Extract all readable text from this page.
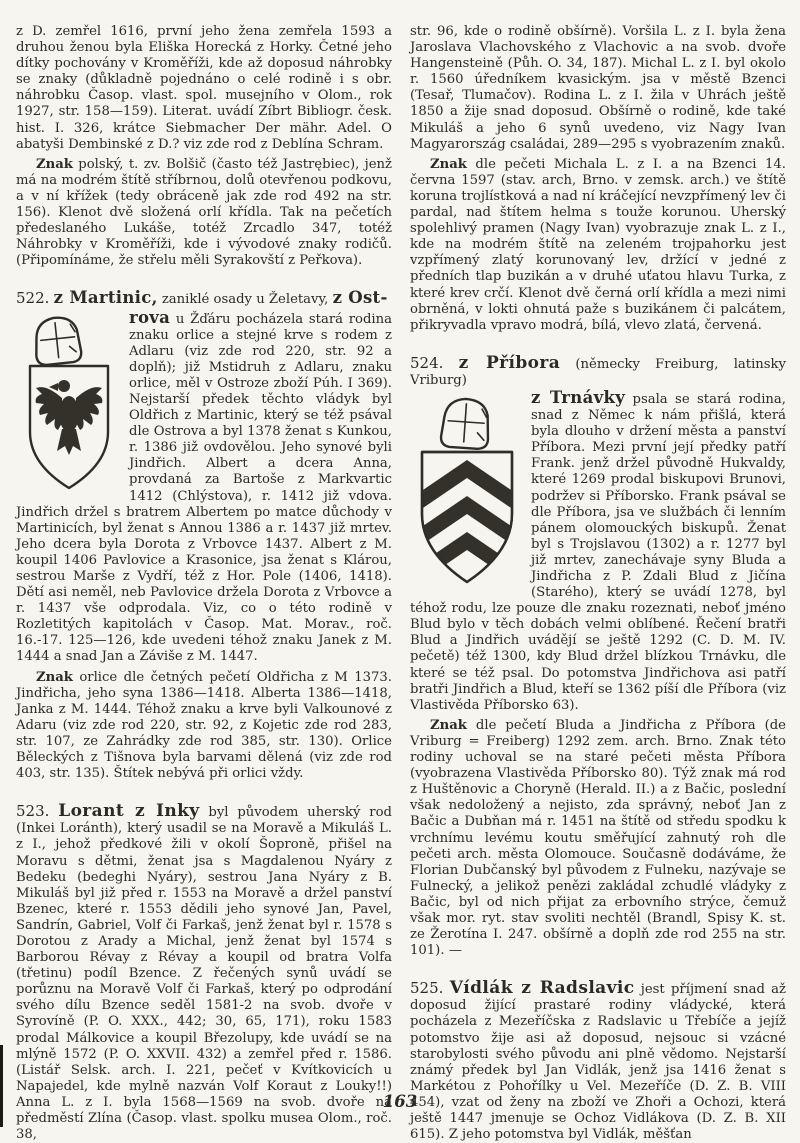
z D. zemřel 1616, první jeho žena zemřela 1593 a druhou ženou byla Eliška Horecká z Horky. Četné jeho dítky pochovány v Kroměříži, kde až doposud náhrobky se znaky (důkladně pojednáno o celé rodině i s obr. náhrobku Časop. vlast. spol. musejního v Olom., rok 1927, str. 158—159). Literat. uvádí Zíbrt Bibliogr. česk. hist. I. 326, krátce Siebmacher Der mähr. Adel. O abatyši Dembinské z D.? viz zde rod z Deblína Schram.

Znak polský, t. zv. Bolšič (často též Jastrębiec), jenž má na modrém štítě stříbrnou, dolů otevřenou podkovu, a v ní křížek (tedy obráceně jak zde rod 492 na str. 156). Klenot dvě složená orlí křídla. Tak na pečetích předeslaného Lukáše, totéž Zrcadlo 347, totéž Náhrobky v Kroměříži, kde i vývodové znaky rodičů. (Připomínáme, že střelu měli Syrakovští z Peřkova).

522. z Martinic, zaniklé osady u Želetavy, z Ost-

rova u Žďáru pocházela stará rodina znaku orlice a stejné krve s rodem z Adlaru (viz zde rod 220, str. 92 a doplň); již Mstidruh z Adlaru, znaku orlice, měl v Ostroze zboží Púh. I 369). Nejstarší předek těchto vládyk byl Oldřich z Martinic, který se též psával dle Ostrova a byl 1378 ženat s Kunkou, r. 1386 již ovdovělou. Jeho synové byli Jindřich. Albert a dcera Anna, provdaná za Bartoše z Markvartic 1412 (Chlýstova), r. 1412 již vdova. Jindřich držel s bratrem Albertem po matce důchody v Martinicích, byl ženat s Annou 1386 a r. 1437 již mrtev. Jeho dcera byla Dorota z Vrbovce 1437. Albert z M. koupil 1406 Pavlovice a Krasonice, jsa ženat s Klárou, sestrou Marše z Vydří, též z Hor. Pole (1406, 1418). Dětí asi neměl, neb Pavlovice držela Dorota z Vrbovce a r. 1437 vše odprodala. Viz, co o této rodině v Rozletitých kapitolách v Časop. Mat. Morav., roč. 16.-17. 125—126, kde uvedeni téhož znaku Janek z M. 1444 a snad Jan a Záviše z M. 1447.

Znak orlice dle četných pečetí Oldřicha z M 1373. Jindřicha, jeho syna 1386—1418. Alberta 1386—1418, Janka z M. 1444. Téhož znaku a krve byli Valkounové z Adaru (viz zde rod 220, str. 92, z Kojetic zde rod 283, str. 107, ze Zahrádky zde rod 385, str. 130). Orlice Běleckých z Tišnova byla barvami dělená (viz zde rod 403, str. 135). Štítek nebývá při orlici vždy.

523. Lorant z Inky byl původem uherský rod (Inkei Loránth), který usadil se na Moravě a Mikuláš L. z I., jehož předkové žili v okolí Šoproně, přišel na Moravu s dětmi, ženat jsa s Magdalenou Nyáry z Bedeku (bedeghi Nyáry), sestrou Jana Nyáry z B. Mikuláš byl již před r. 1553 na Moravě a držel panství Bzenec, které r. 1553 dědili jeho synové Jan, Pavel, Sandrín, Gabriel, Volf či Farkaš, jenž ženat byl r. 1578 s Dorotou z Arady a Michal, jenž ženat byl 1574 s Barborou Révay z Révay a koupil od bratra Volfa (třetinu) podíl Bzence. Z řečených synů uvádí se porůznu na Moravě Volf či Farkaš, který po odprodání svého dílu Bzence seděl 1581-2 na svob. dvoře v Syrovíně (P. O. XXX., 442; 30, 65, 171), roku 1583 prodal Málkovice a koupil Březolupy, kde uvádí se na mlýně 1572 (P. O. XXVII. 432) a zemřel před r. 1586. (Listář Selsk. arch. I. 221, pečeť v Kvítkovicích u Napajedel, kde mylně nazván Volf Koraut z Louky!!) Anna L. z I. byla 1568—1569 na svob. dvoře na předměstí Zlína (Časop. vlast. spolku musea Olom., roč. 38,

str. 96, kde o rodině obšírně). Voršila L. z I. byla žena Jaroslava Vlachovského z Vlachovic a na svob. dvoře Hangensteině (Půh. O. 34, 187). Michal L. z I. byl okolo r. 1560 úředníkem kvasickým. jsa v městě Bzenci (Tesař, Tlumačov). Rodina L. z I. žila v Uhrách ještě 1850 a žije snad doposud. Obšírně o rodině, kde také Mikuláš a jeho 6 synů uvedeno, viz Nagy Ivan Magyarország családai, 289—295 s vyobrazením znaků.

Znak dle pečeti Michala L. z I. a na Bzenci 14. června 1597 (stav. arch, Brno. v zemsk. arch.) ve štítě koruna trojlístková a nad ní kráčející nevzpřímený lev či pardal, nad štítem helma s touže korunou. Uherský spolehlivý pramen (Nagy Ivan) vyobrazuje znak L. z I., kde na modrém štítě na zeleném trojpahorku jest vzpřímený zlatý korunovaný lev, držící v jedné z předních tlap buzikán a v druhé uťatou hlavu Turka, z které krev crčí. Klenot dvě černá orlí křídla a mezi nimi obrněná, v lokti ohnutá paže s buzikánem či palcátem, přikryvadla vpravo modrá, bílá, vlevo zlatá, červená.

524. z Příbora (německy Freiburg, latinsky Vriburg)

z Trnávky psala se stará rodina, snad z Němec k nám přišlá, která byla dlouho v držení města a panství Příbora. Mezi první její předky patří Frank. jenž držel původně Hukvaldy, které 1269 prodal biskupovi Brunovi, podržev si Příborsko. Frank psával se dle Příbora, jsa ve službách či lenním pánem olomouckých biskupů. Ženat byl s Trojslavou (1302) a r. 1277 byl již mrtev, zanechávaje syny Bluda a Jindřicha z P. Zdali Blud z Jičína (Starého), který se uvádí 1278, byl téhož rodu, lze pouze dle znaku rozeznati, neboť jméno Blud bylo v těch dobách velmi oblíbené. Řečení bratři Blud a Jindřich uvádějí se ještě 1292 (C. D. M. IV. pečetě) též 1300, kdy Blud držel blízkou Trnávku, dle které se též psal. Do potomstva Jindřichova asi patří bratři Jindřich a Blud, kteří se 1362 píší dle Příbora (viz Vlastivěda Příborsko 63).

Znak dle pečetí Bluda a Jindřicha z Příbora (de Vriburg = Freiberg) 1292 zem. arch. Brno. Znak této rodiny uchoval se na staré pečeti města Příbora (vyobrazena Vlastivěda Příborsko 80). Týž znak má rod z Huštěnovic a Choryně (Herald. II.) a z Bačic, poslední však nedoložený a nejisto, zda správný, neboť Jan z Bačic a Dubňan má r. 1451 na štítě od středu spodku k vrchnímu levému koutu směřující zahnutý roh dle pečeti arch. města Olomouce. Současně dodáváme, že Florian Dubčanský byl původem z Fulneku, nazývaje se Fulnecký, a jelikož penězi zakládal zchudlé vládyky z Bačic, byl od nich přijat za erbovního strýce, čemuž však mor. ryt. stav svoliti nechtěl (Brandl, Spisy K. st. ze Žerotína I. 247. obšírně a doplň zde rod 255 na str. 101). —

525. Vídlák z Radslavic jest příjmení snad až doposud žijící prastaré rodiny vládycké, která pocházela z Mezeříčska z Radslavic u Třebíče a jejíž potomstvo žije asi až doposud, nejsouc si vzácné starobylosti svého původu ani plně vědomo. Nejstarší známý předek byl Jan Vidlák, jenž jsa 1416 ženat s Markétou z Pohořílky u Vel. Mezeříče (D. Z. B. VIII 454), vzat od ženy na zboží ve Zhoři a Ochozi, která ještě 1447 jmenuje se Ochoz Vidlákova (D. Z. B. XII 615). Z jeho potomstva byl Vidlák, měšťan

163
